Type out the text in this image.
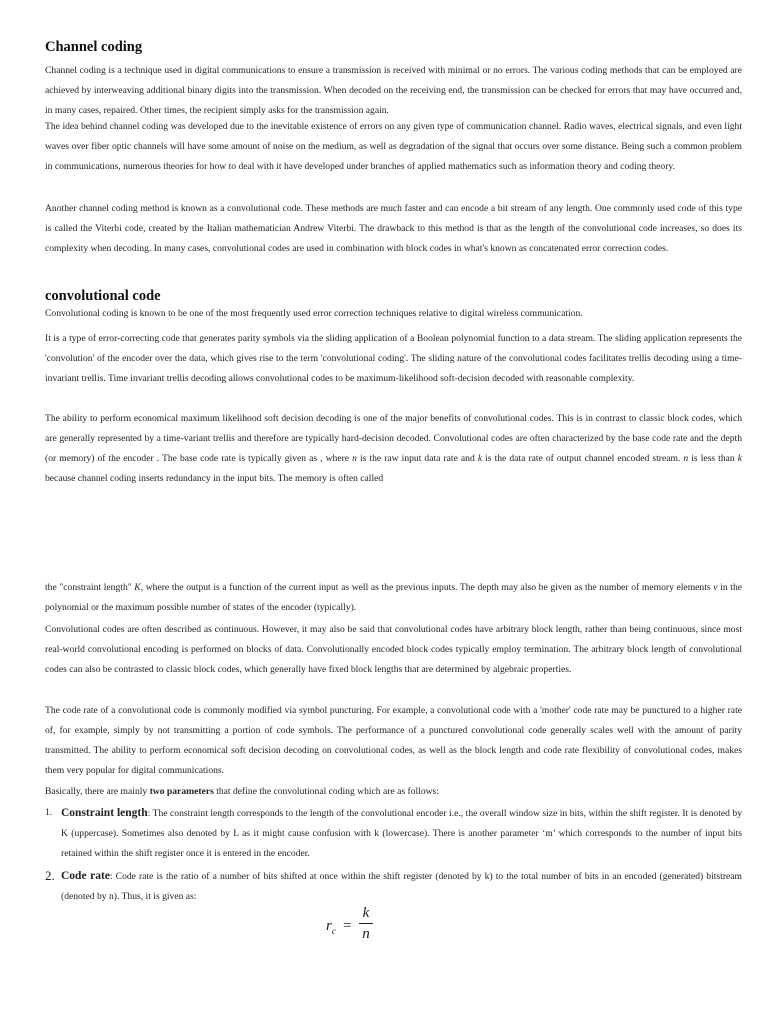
Channel coding

Channel coding is a technique used in digital communications to ensure a transmission is received with minimal or no errors. The various coding methods that can be employed are achieved by interweaving additional binary digits into the transmission. When decoded on the receiving end, the transmission can be checked for errors that may have occurred and, in many cases, repaired. Other times, the recipient simply asks for the transmission again.

The idea behind channel coding was developed due to the inevitable existence of errors on any given type of communication channel. Radio waves, electrical signals, and even light waves over fiber optic channels will have some amount of noise on the medium, as well as degradation of the signal that occurs over some distance. Being such a common problem in communications, numerous theories for how to deal with it have developed under branches of applied mathematics such as information theory and coding theory.

Another channel coding method is known as a convolutional code. These methods are much faster and can encode a bit stream of any length. One commonly used code of this type is called the Viterbi code, created by the Italian mathematician Andrew Viterbi. The drawback to this method is that as the length of the convolutional code increases, so does its complexity when decoding. In many cases, convolutional codes are used in combination with block codes in what's known as concatenated error correction codes.

convolutional code

Convolutional coding is known to be one of the most frequently used error correction techniques relative to digital wireless communication.

It is a type of error-correcting code that generates parity symbols via the sliding application of a Boolean polynomial function to a data stream. The sliding application represents the 'convolution' of the encoder over the data, which gives rise to the term 'convolutional coding'. The sliding nature of the convolutional codes facilitates trellis decoding using a time-invariant trellis. Time invariant trellis decoding allows convolutional codes to be maximum-likelihood soft-decision decoded with reasonable complexity.

The ability to perform economical maximum likelihood soft decision decoding is one of the major benefits of convolutional codes. This is in contrast to classic block codes, which are generally represented by a time-variant trellis and therefore are typically hard-decision decoded. Convolutional codes are often characterized by the base code rate and the depth (or memory) of the encoder . The base code rate is typically given as , where n is the raw input data rate and k is the data rate of output channel encoded stream. n is less than k because channel coding inserts redundancy in the input bits. The memory is often called

the "constraint length" K, where the output is a function of the current input as well as the previous inputs. The depth may also be given as the number of memory elements v in the polynomial or the maximum possible number of states of the encoder (typically).

Convolutional codes are often described as continuous. However, it may also be said that convolutional codes have arbitrary block length, rather than being continuous, since most real-world convolutional encoding is performed on blocks of data. Convolutionally encoded block codes typically employ termination. The arbitrary block length of convolutional codes can also be contrasted to classic block codes, which generally have fixed block lengths that are determined by algebraic properties.

The code rate of a convolutional code is commonly modified via symbol puncturing. For example, a convolutional code with a 'mother' code rate may be punctured to a higher rate of, for example, simply by not transmitting a portion of code symbols. The performance of a punctured convolutional code generally scales well with the amount of parity transmitted. The ability to perform economical soft decision decoding on convolutional codes, as well as the block length and code rate flexibility of convolutional codes, makes them very popular for digital communications.

Basically, there are mainly two parameters that define the convolutional coding which are as follows:

1. Constraint length: The constraint length corresponds to the length of the convolutional encoder i.e., the overall window size in bits, within the shift register. It is denoted by K (uppercase). Sometimes also denoted by L as it might cause confusion with k (lowercase). There is another parameter ‘m’ which corresponds to the number of input bits retained within the shift register once it is entered in the encoder.
2. Code rate: Code rate is the ratio of a number of bits shifted at once within the shift register (denoted by k) to the total number of bits in an encoded (generated) bitstream (denoted by n). Thus, it is given as:
$r_c$ =
k
n
